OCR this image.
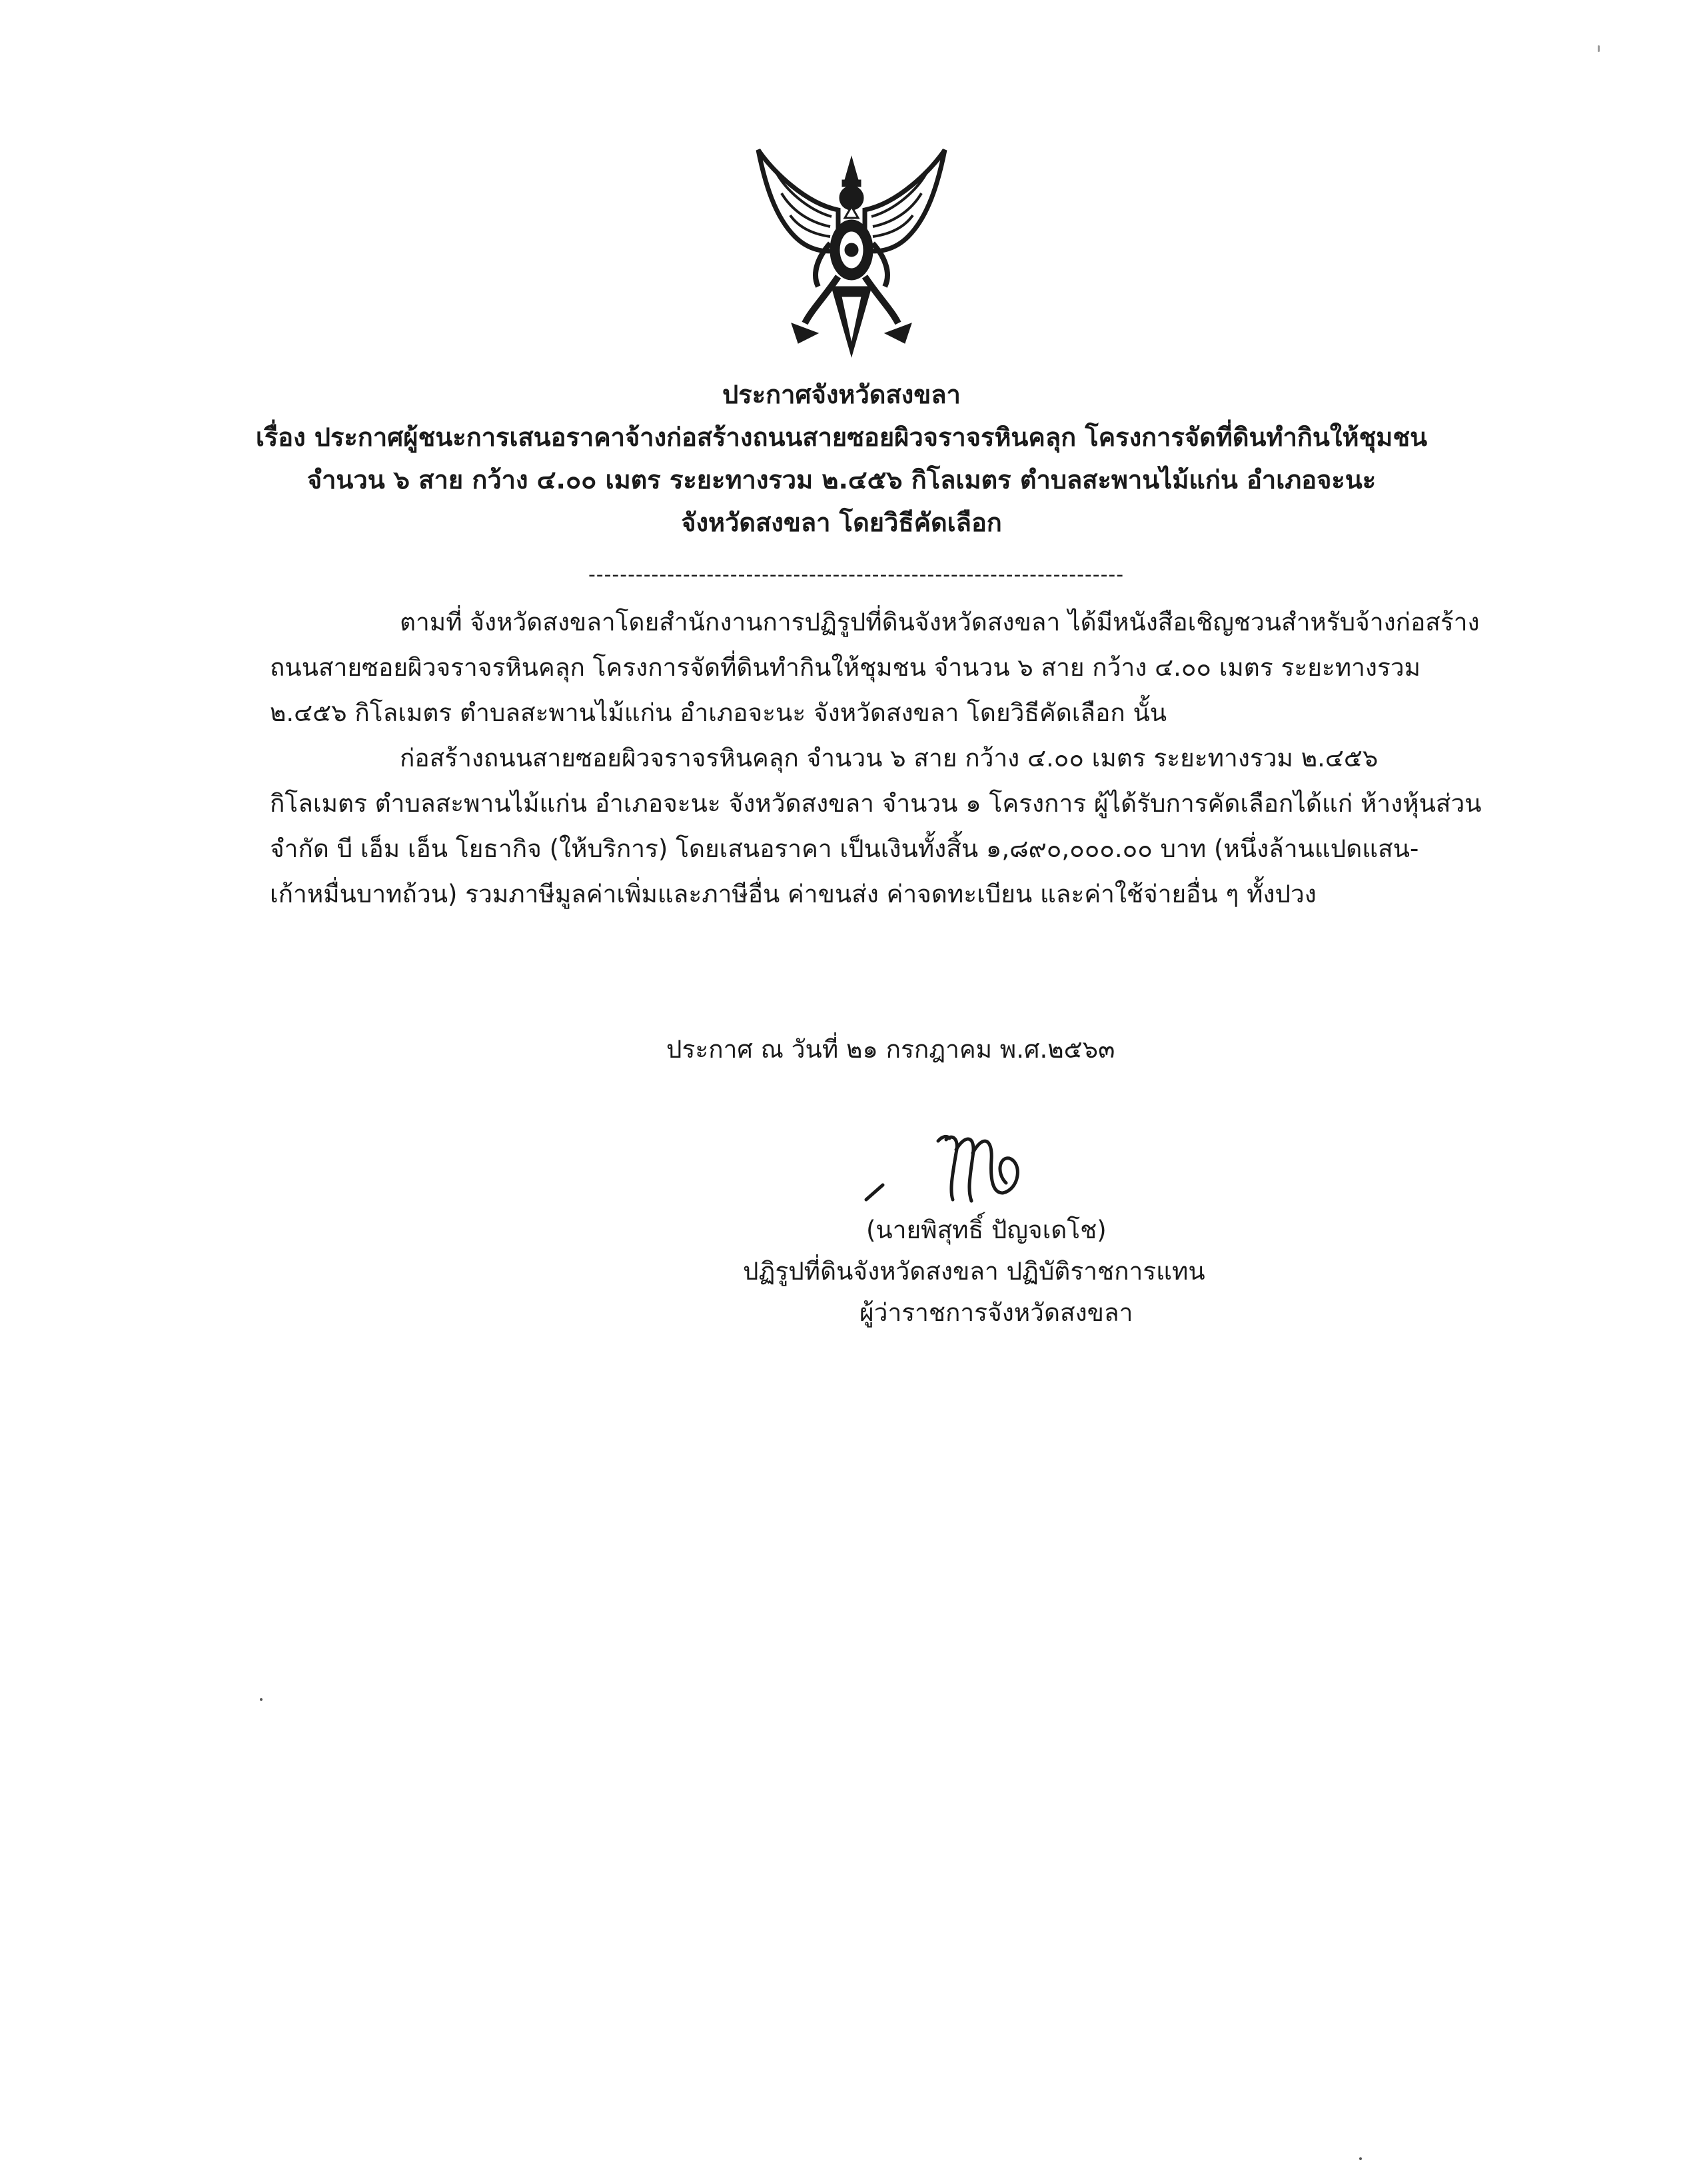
ประกาศจังหวัดสงขลา
เรื่อง ประกาศผู้ชนะการเสนอราคาจ้างก่อสร้างถนนสายซอยผิวจราจรหินคลุก โครงการจัดที่ดินทำกินให้ชุมชน
จำนวน ๖ สาย กว้าง ๔.๐๐ เมตร ระยะทางรวม ๒.๔๕๖ กิโลเมตร ตำบลสะพานไม้แก่น อำเภอจะนะ
จังหวัดสงขลา โดยวิธีคัดเลือก
--------------------------------------------------------------------
ตามที่ จังหวัดสงขลาโดยสำนักงานการปฏิรูปที่ดินจังหวัดสงขลา ได้มีหนังสือเชิญชวนสำหรับจ้างก่อสร้าง
ถนนสายซอยผิวจราจรหินคลุก โครงการจัดที่ดินทำกินให้ชุมชน จำนวน ๖ สาย กว้าง ๔.๐๐ เมตร ระยะทางรวม
๒.๔๕๖ กิโลเมตร ตำบลสะพานไม้แก่น อำเภอจะนะ จังหวัดสงขลา โดยวิธีคัดเลือก นั้น
ก่อสร้างถนนสายซอยผิวจราจรหินคลุก จำนวน ๖ สาย กว้าง ๔.๐๐ เมตร ระยะทางรวม ๒.๔๕๖
กิโลเมตร ตำบลสะพานไม้แก่น อำเภอจะนะ จังหวัดสงขลา จำนวน ๑ โครงการ ผู้ได้รับการคัดเลือกได้แก่ ห้างหุ้นส่วน
จำกัด บี เอ็ม เอ็น โยธากิจ (ให้บริการ) โดยเสนอราคา เป็นเงินทั้งสิ้น ๑,๘๙๐,๐๐๐.๐๐ บาท (หนึ่งล้านแปดแสน-
เก้าหมื่นบาทถ้วน) รวมภาษีมูลค่าเพิ่มและภาษีอื่น ค่าขนส่ง ค่าจดทะเบียน และค่าใช้จ่ายอื่น ๆ ทั้งปวง
ประกาศ ณ วันที่ ๒๑ กรกฎาคม พ.ศ.๒๕๖๓
(นายพิสุทธิ์ ปัญจเดโช)
ปฏิรูปที่ดินจังหวัดสงขลา ปฏิบัติราชการแทน
ผู้ว่าราชการจังหวัดสงขลา
